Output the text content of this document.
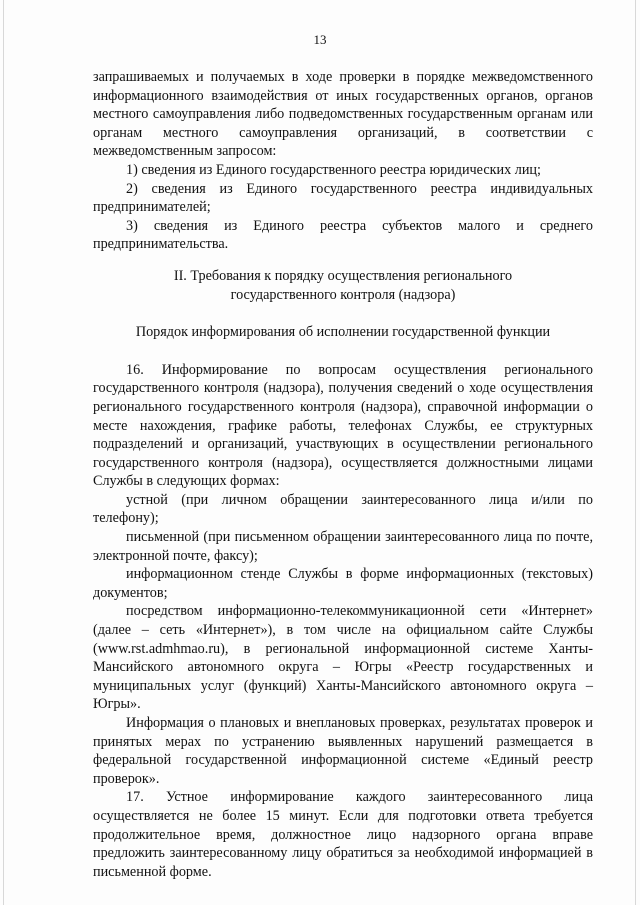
13

запрашиваемых и получаемых в ходе проверки в порядке межведомственного информационного взаимодействия от иных государственных органов, органов местного самоуправления либо подведомственных государственным органам или органам местного самоуправления организаций, в соответствии с межведомственным запросом:

1) сведения из Единого государственного реестра юридических лиц;

2) сведения из Единого государственного реестра индивидуальных предпринимателей;

3) сведения из Единого реестра субъектов малого и среднего предпринимательства.

II. Требования к порядку осуществления регионального

государственного контроля (надзора)

Порядок информирования об исполнении государственной функции

16. Информирование по вопросам осуществления регионального государственного контроля (надзора), получения сведений о ходе осуществления регионального государственного контроля (надзора), справочной информации о месте нахождения, графике работы, телефонах Службы, ее структурных подразделений и организаций, участвующих в осуществлении регионального государственного контроля (надзора), осуществляется должностными лицами Службы в следующих формах:

устной (при личном обращении заинтересованного лица и/или по телефону);

письменной (при письменном обращении заинтересованного лица по почте, электронной почте, факсу);

информационном стенде Службы в форме информационных (текстовых) документов;

посредством информационно-телекоммуникационной сети «Интернет» (далее – сеть «Интернет»), в том числе на официальном сайте Службы (www.rst.admhmao.ru), в региональной информационной системе Ханты-Мансийского автономного округа – Югры «Реестр государственных и муниципальных услуг (функций) Ханты-Мансийского автономного округа – Югры».

Информация о плановых и внеплановых проверках, результатах проверок и принятых мерах по устранению выявленных нарушений размещается в федеральной государственной информационной системе «Единый реестр проверок».

17. Устное информирование каждого заинтересованного лица осуществляется не более 15 минут. Если для подготовки ответа требуется продолжительное время, должностное лицо надзорного органа вправе предложить заинтересованному лицу обратиться за необходимой информацией в письменной форме.
